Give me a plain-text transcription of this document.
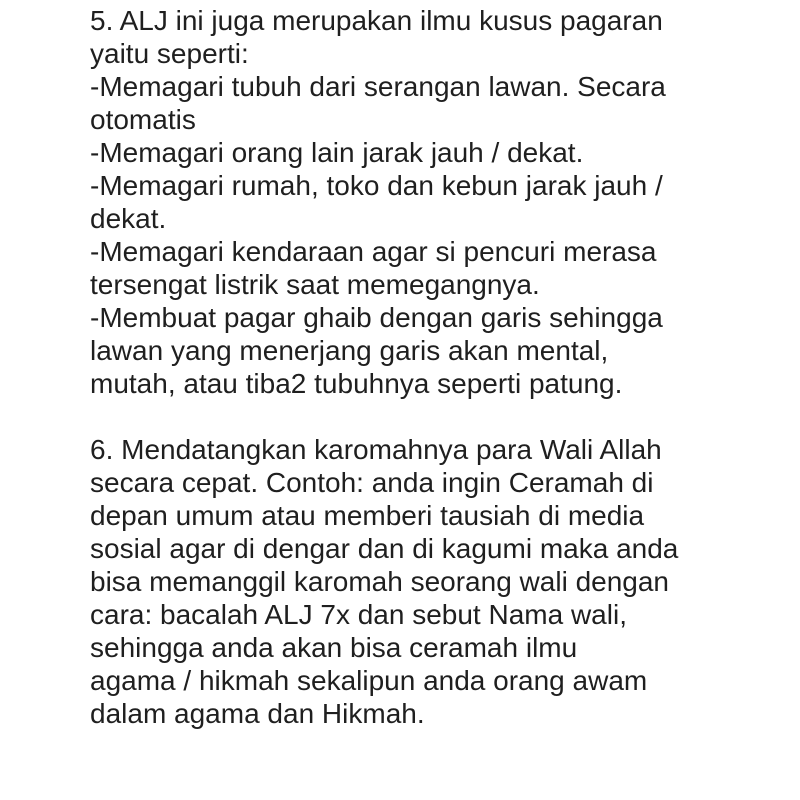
5. ALJ ini juga merupakan ilmu kusus pagaran
yaitu seperti:
-Memagari tubuh dari serangan lawan. Secara
otomatis
-Memagari orang lain jarak jauh / dekat.
-Memagari rumah, toko dan kebun jarak jauh /
dekat.
-Memagari kendaraan agar si pencuri merasa
tersengat listrik saat memegangnya.
-Membuat pagar ghaib dengan garis sehingga
lawan yang menerjang garis akan mental,
mutah, atau tiba2 tubuhnya seperti patung.
6. Mendatangkan karomahnya para Wali Allah
secara cepat. Contoh: anda ingin Ceramah di
depan umum atau memberi tausiah di media
sosial agar di dengar dan di kagumi maka anda
bisa memanggil karomah seorang wali dengan
cara: bacalah ALJ 7x dan sebut Nama wali,
sehingga anda akan bisa ceramah ilmu
agama / hikmah sekalipun anda orang awam
dalam agama dan Hikmah.
